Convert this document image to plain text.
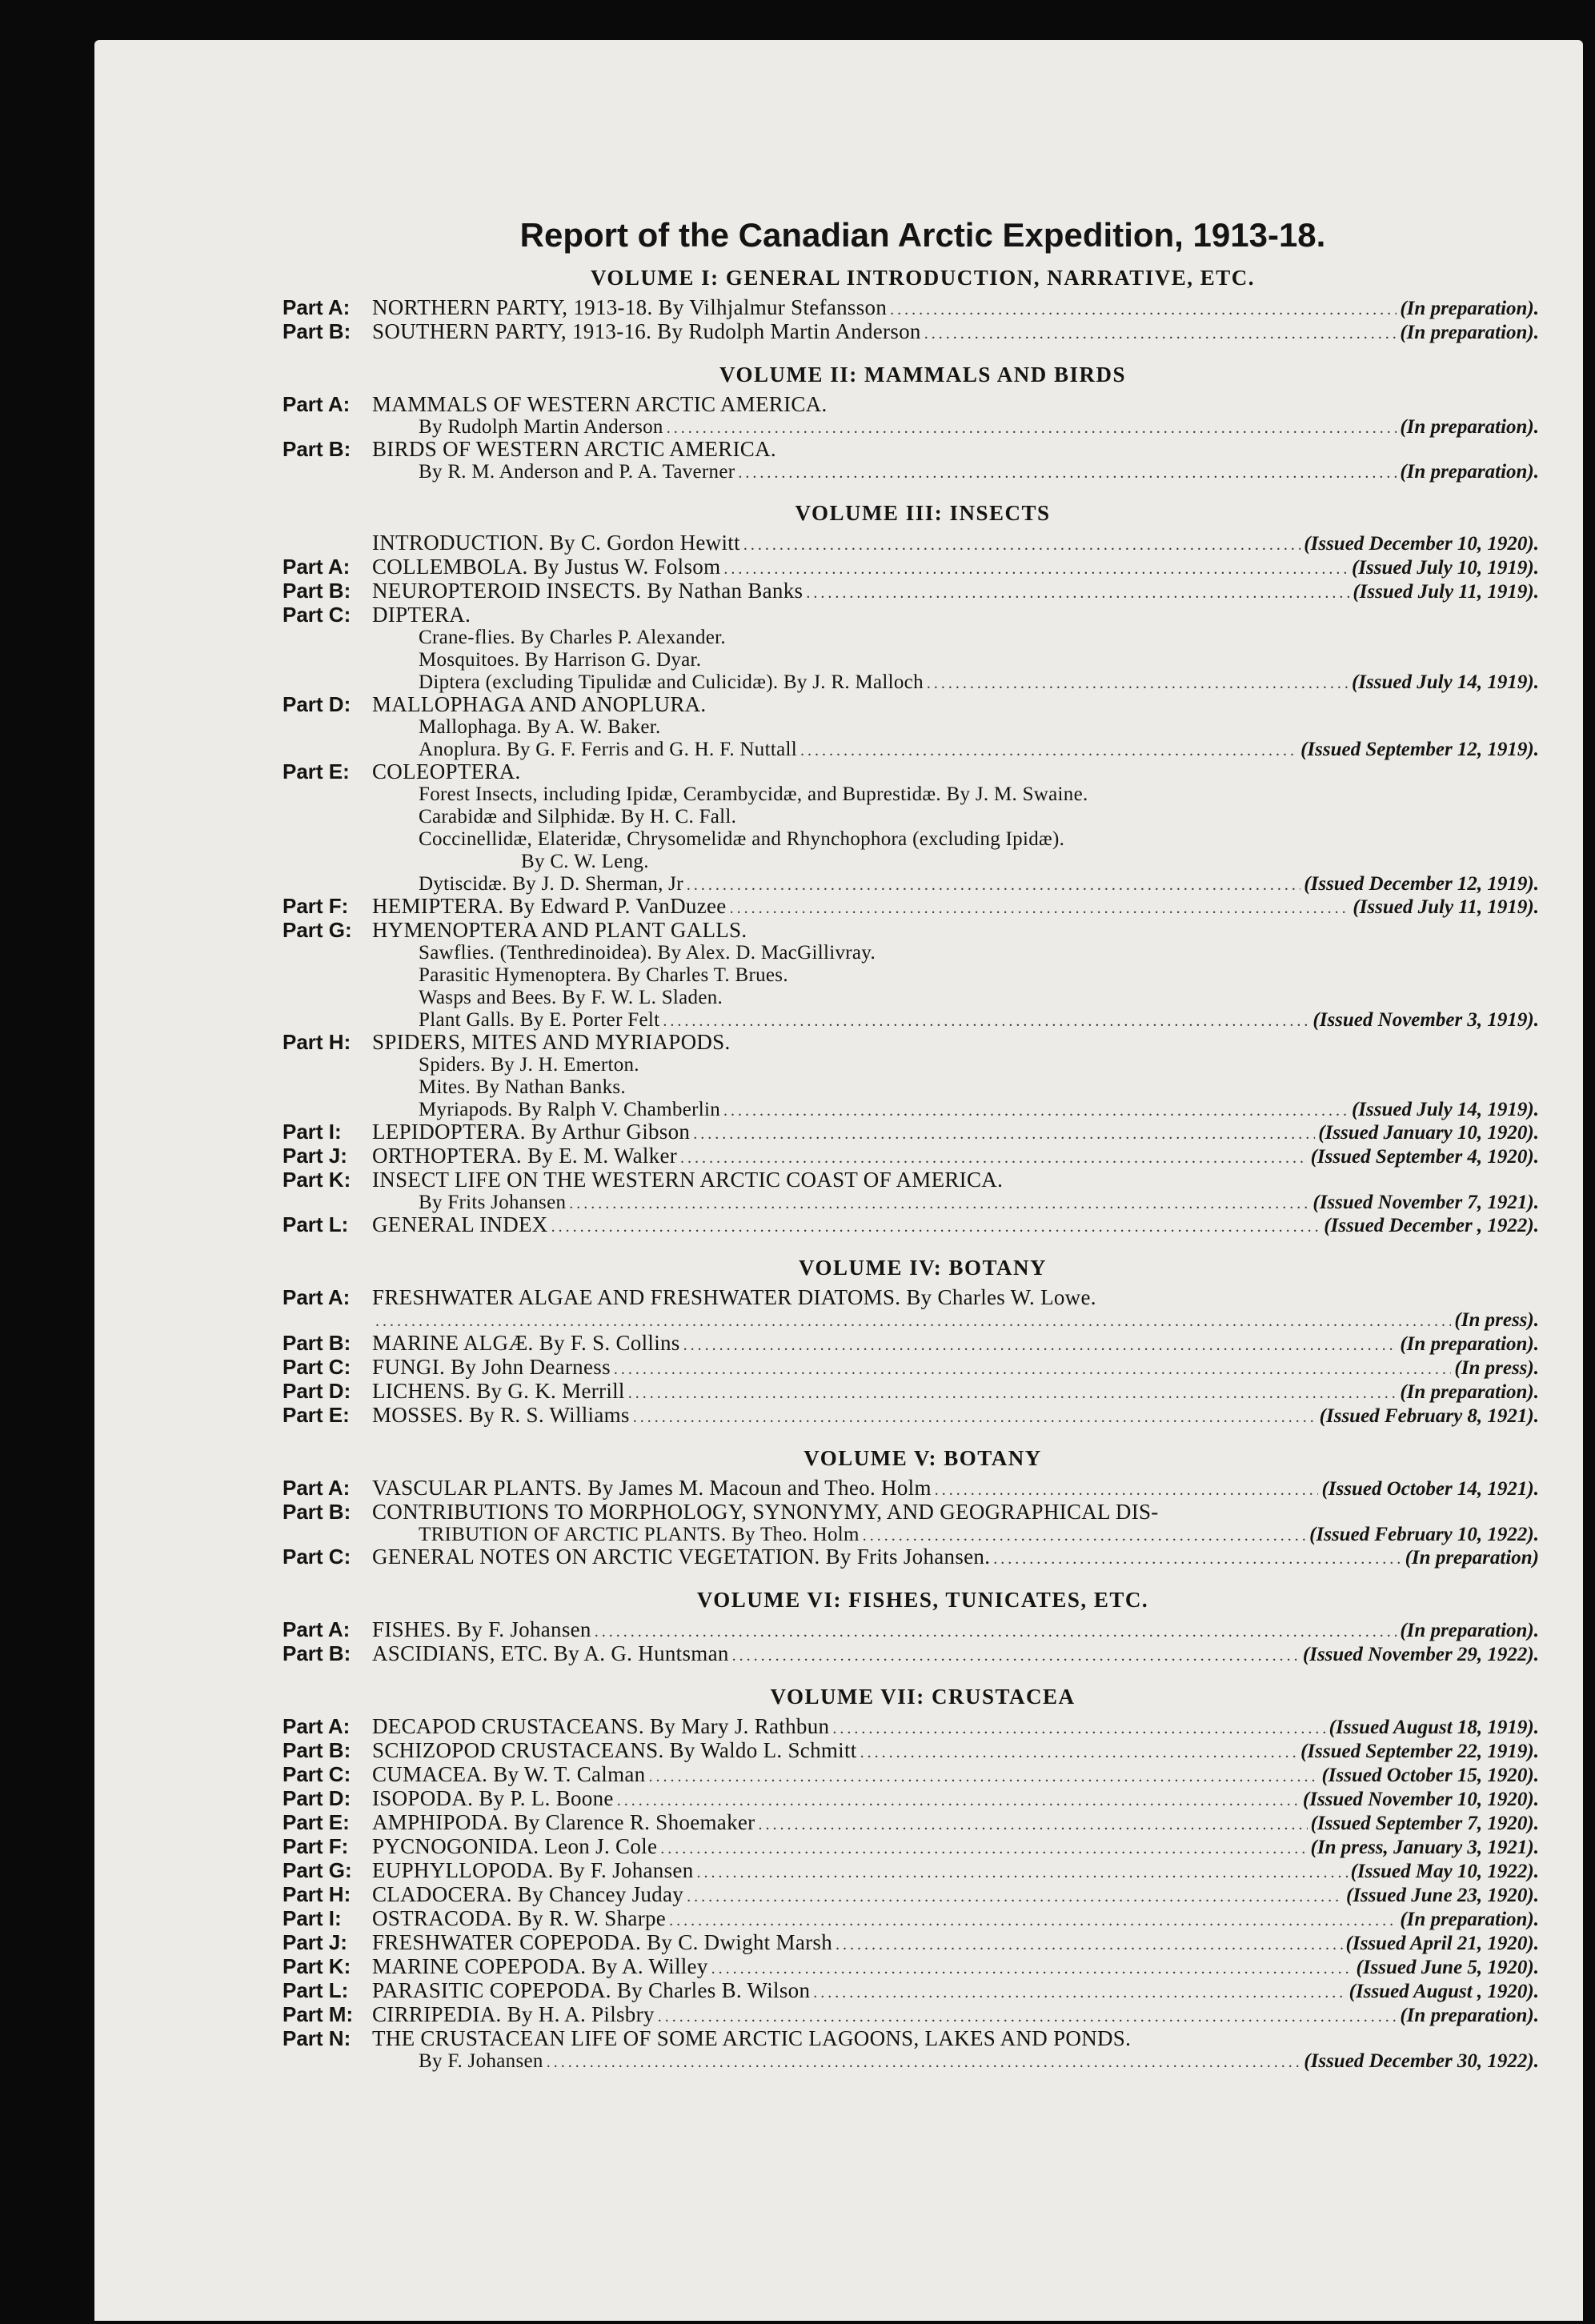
Report of the Canadian Arctic Expedition, 1913-18.
VOLUME I: GENERAL INTRODUCTION, NARRATIVE, ETC.
Part A:	NORTHERN PARTY, 1913-18. By Vilhjalmur Stefansson .....	(In preparation).
Part B: SOUTHERN PARTY, 1913-16. By Rudolph Martin Anderson .....	(In preparation).
VOLUME II: MAMMALS AND BIRDS
Part A:	MAMMALS OF WESTERN ARCTIC AMERICA.
By Rudolph Martin Anderson .....	(In preparation).
Part B: BIRDS OF WESTERN ARCTIC AMERICA.
By R. M. Anderson and P. A. Taverner .....	(In preparation).
VOLUME III: INSECTS
INTRODUCTION. By C. Gordon Hewitt .....	(Issued December 10, 1920).
Part A:	COLLEMBOLA. By Justus W. Folsom .....	(Issued July 10, 1919).
Part B: NEUROPTEROID INSECTS. By Nathan Banks .....	(Issued July 11, 1919).
Part C: DIPTERA.
Crane-flies. By Charles P. Alexander.
Mosquitoes. By Harrison G. Dyar.
Diptera (excluding Tipulidæ and Culicidæ). By J. R. Malloch .....	(Issued July 14, 1919).
Part D: MALLOPHAGA AND ANOPLURA.
Mallophaga. By A. W. Baker.
Anoplura. By G. F. Ferris and G. H. F. Nuttall .....	(Issued September 12, 1919).
Part E:	COLEOPTERA.
Forest Insects, including Ipidæ, Cerambycidæ, and Buprestidæ. By J. M. Swaine.
Carabidæ and Silphidæ. By H. C. Fall.
Coccinellidæ, Elateridæ, Chrysomelidæ and Rhynchophora (excluding Ipidæ).
By C. W. Leng.
Dytiscidæ. By J. D. Sherman, Jr .....	(Issued December 12, 1919).
Part F:	HEMIPTERA. By Edward P. VanDuzee .....	(Issued July 11, 1919).
Part G: HYMENOPTERA AND PLANT GALLS.
Sawflies. (Tenthredinoidea). By Alex. D. MacGillivray.
Parasitic Hymenoptera. By Charles T. Brues.
Wasps and Bees. By F. W. L. Sladen.
Plant Galls. By E. Porter Felt .....	(Issued November 3, 1919).
Part H: SPIDERS, MITES AND MYRIAPODS.
Spiders. By J. H. Emerton.
Mites. By Nathan Banks.
Myriapods. By Ralph V. Chamberlin .....	(Issued July 14, 1919).
Part I:	LEPIDOPTERA. By Arthur Gibson .....	(Issued January 10, 1920).
Part J:	ORTHOPTERA. By E. M. Walker .....	(Issued September 4, 1920).
Part K: INSECT LIFE ON THE WESTERN ARCTIC COAST OF AMERICA.
By Frits Johansen .....	(Issued November 7, 1921).
Part L:	GENERAL INDEX .....	(Issued December , 1922).
VOLUME IV: BOTANY
Part A:	FRESHWATER ALGAE AND FRESHWATER DIATOMS. By Charles W. Lowe.
.....
(In press).
Part B: MARINE ALGÆ. By F. S. Collins .....	(In preparation).
Part C: FUNGI. By John Dearness .....	(In press).
Part D: LICHENS. By G. K. Merrill .....	(In preparation).
Part E:	MOSSES. By R. S. Williams .....	(Issued February 8, 1921).
VOLUME V: BOTANY
Part A:	VASCULAR PLANTS. By James M. Macoun and Theo. Holm .....	(Issued October 14, 1921).
Part B: CONTRIBUTIONS TO MORPHOLOGY, SYNONYMY, AND GEOGRAPHICAL DIS-
TRIBUTION OF ARCTIC PLANTS. By Theo. Holm .....	(Issued February 10, 1922).
Part C: GENERAL NOTES ON ARCTIC VEGETATION. By Frits Johansen. .....	(In preparation)
VOLUME VI: FISHES, TUNICATES, ETC.
Part A:	FISHES. By F. Johansen .....	(In preparation).
Part B: ASCIDIANS, ETC. By A. G. Huntsman .....	(Issued November 29, 1922).
VOLUME VII: CRUSTACEA
Part A:	DECAPOD CRUSTACEANS. By Mary J. Rathbun .....	(Issued August 18, 1919).
Part B: SCHIZOPOD CRUSTACEANS. By Waldo L. Schmitt .....	(Issued September 22, 1919).
Part C: CUMACEA. By W. T. Calman .....	(Issued October 15, 1920).
Part D: ISOPODA. By P. L. Boone .....	(Issued November 10, 1920).
Part E:	AMPHIPODA. By Clarence R. Shoemaker .....	(Issued September 7, 1920).
Part F:	PYCNOGONIDA. Leon J. Cole .....	(In press, January 3, 1921).
Part G: EUPHYLLOPODA. By F. Johansen .....	(Issued May 10, 1922).
Part H: CLADOCERA. By Chancey Juday .....	(Issued June 23, 1920).
Part I:	OSTRACODA. By R. W. Sharpe .....	(In preparation).
Part J:	FRESHWATER COPEPODA. By C. Dwight Marsh .....	(Issued April 21, 1920).
Part K: MARINE COPEPODA. By A. Willey .....	(Issued June 5, 1920).
Part L:	PARASITIC COPEPODA. By Charles B. Wilson .....	(Issued August , 1920).
Part M: CIRRIPEDIA. By H. A. Pilsbry .....	(In preparation).
Part N: THE CRUSTACEAN LIFE OF SOME ARCTIC LAGOONS, LAKES AND PONDS.
By F. Johansen .....	(Issued December 30, 1922).
